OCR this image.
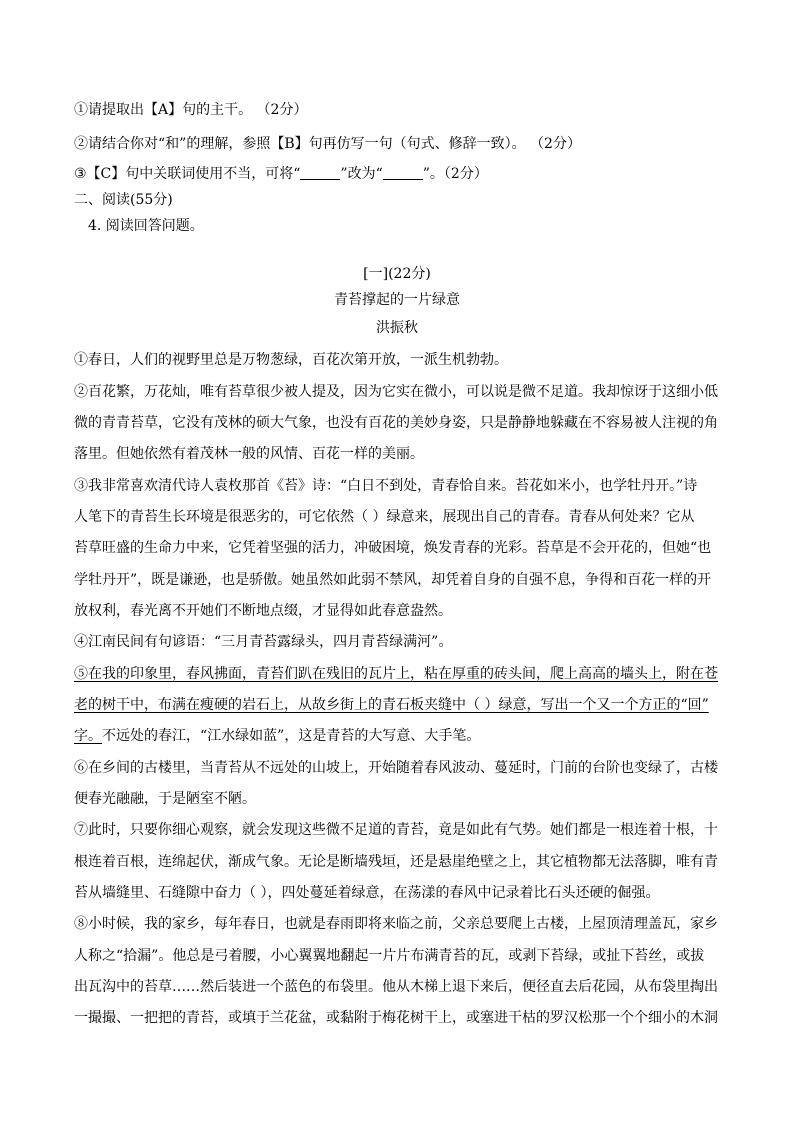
①请提取出【A】句的主干。 （2分）
②请结合你对“和”的理解，参照【B】句再仿写一句（句式、修辞一致）。 （2分）
③【C】句中关联词使用不当，可将“	”改为“	”。（2分）
二、阅读(55分)
4. 阅读回答问题。
[一](22分)
青苔撑起的一片绿意
洪振秋
①春日，人们的视野里总是万物葱绿，百花次第开放，一派生机勃勃。
②百花繁，万花灿，唯有苔草很少被人提及，因为它实在微小，可以说是微不足道。我却惊讶于这细小低
微的青青苔草，它没有茂林的硕大气象，也没有百花的美妙身姿，只是静静地躲藏在不容易被人注视的角
落里。但她依然有着茂林一般的风情、百花一样的美丽。
③我非常喜欢清代诗人袁枚那首《苔》诗：“白日不到处，青春恰自来。苔花如米小，也学牡丹开。”诗
人笔下的青苔生长环境是很恶劣的，可它依然（ ）绿意来，展现出自己的青春。青春从何处来？它从
苔草旺盛的生命力中来，它凭着坚强的活力，冲破困境，焕发青春的光彩。苔草是不会开花的，但她“也
学牡丹开”，既是谦逊，也是骄傲。她虽然如此弱不禁风，却凭着自身的自强不息，争得和百花一样的开
放权利，春光离不开她们不断地点缀，才显得如此春意盎然。
④江南民间有句谚语：“三月青苔露绿头，四月青苔绿满河”。
⑤在我的印象里，春风拂面，青苔们趴在残旧的瓦片上，粘在厚重的砖头间，爬上高高的墙头上，附在苍
老的树干中，布满在瘦硬的岩石上，从故乡街上的青石板夹缝中（ ）绿意，写出一个又一个方正的“回”
字。不远处的春江，“江水绿如蓝”，这是青苔的大写意、大手笔。
⑥在乡间的古楼里，当青苔从不远处的山坡上，开始随着春风波动、蔓延时，门前的台阶也变绿了，古楼
便春光融融，于是陋室不陋。
⑦此时，只要你细心观察，就会发现这些微不足道的青苔，竟是如此有气势。她们都是一根连着十根，十
根连着百根，连绵起伏，渐成气象。无论是断墙残垣，还是悬崖绝壁之上，其它植物都无法落脚，唯有青
苔从墙缝里、石缝隙中奋力（ ），四处蔓延着绿意，在荡漾的春风中记录着比石头还硬的倔强。
⑧小时候，我的家乡，每年春日，也就是春雨即将来临之前，父亲总要爬上古楼，上屋顶清理盖瓦，家乡
人称之“拾漏”。他总是弓着腰，小心翼翼地翻起一片片布满青苔的瓦，或剥下苔绿，或扯下苔丝，或拔
出瓦沟中的苔草……然后装进一个蓝色的布袋里。他从木梯上退下来后，便径直去后花园，从布袋里掏出
一撮撮、一把把的青苔，或填于兰花盆，或黏附于梅花树干上，或塞进干枯的罗汉松那一个个细小的木洞
